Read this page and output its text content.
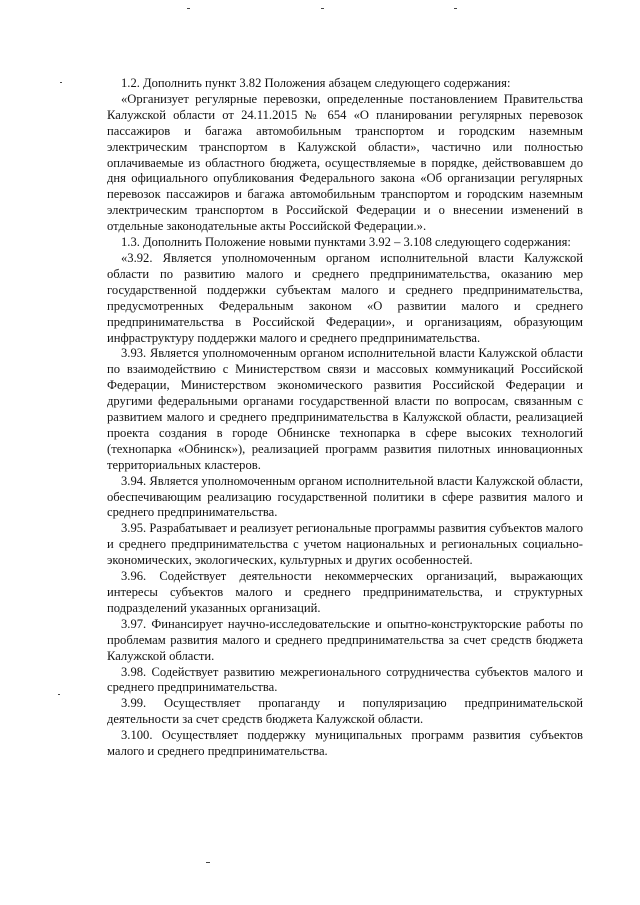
1.2. Дополнить пункт 3.82 Положения абзацем следующего содержания:

«Организует регулярные перевозки, определенные постановлением Правительства Калужской области от 24.11.2015 № 654 «О планировании регулярных перевозок пассажиров и багажа автомобильным транспортом и городским наземным электрическим транспортом в Калужской области», частично или полностью оплачиваемые из областного бюджета, осуществляемые в порядке, действовавшем до дня официального опубликования Федерального закона «Об организации регулярных перевозок пассажиров и багажа автомобильным транспортом и городским наземным электрическим транспортом в Российской Федерации и о внесении изменений в отдельные законодательные акты Российской Федерации.».

1.3. Дополнить Положение новыми пунктами 3.92 – 3.108 следующего содержания:

«3.92. Является уполномоченным органом исполнительной власти Калужской области по развитию малого и среднего предпринимательства, оказанию мер государственной поддержки субъектам малого и среднего предпринимательства, предусмотренных Федеральным законом «О развитии малого и среднего предпринимательства в Российской Федерации», и организациям, образующим инфраструктуру поддержки малого и среднего предпринимательства.

3.93. Является уполномоченным органом исполнительной власти Калужской области по взаимодействию с Министерством связи и массовых коммуникаций Российской Федерации, Министерством экономического развития Российской Федерации и другими федеральными органами государственной власти по вопросам, связанным с развитием малого и среднего предпринимательства в Калужской области, реализацией проекта создания в городе Обнинске технопарка в сфере высоких технологий (технопарка «Обнинск»), реализацией программ развития пилотных инновационных территориальных кластеров.

3.94. Является уполномоченным органом исполнительной власти Калужской области, обеспечивающим реализацию государственной политики в сфере развития малого и среднего предпринимательства.

3.95. Разрабатывает и реализует региональные программы развития субъектов малого и среднего предпринимательства с учетом национальных и региональных социально-экономических, экологических, культурных и других особенностей.

3.96. Содействует деятельности некоммерческих организаций, выражающих интересы субъектов малого и среднего предпринимательства, и структурных подразделений указанных организаций.

3.97. Финансирует научно-исследовательские и опытно-конструкторские работы по проблемам развития малого и среднего предпринимательства за счет средств бюджета Калужской области.

3.98. Содействует развитию межрегионального сотрудничества субъектов малого и среднего предпринимательства.

3.99. Осуществляет пропаганду и популяризацию предпринимательской деятельности за счет средств бюджета Калужской области.

3.100. Осуществляет поддержку муниципальных программ развития субъектов малого и среднего предпринимательства.
